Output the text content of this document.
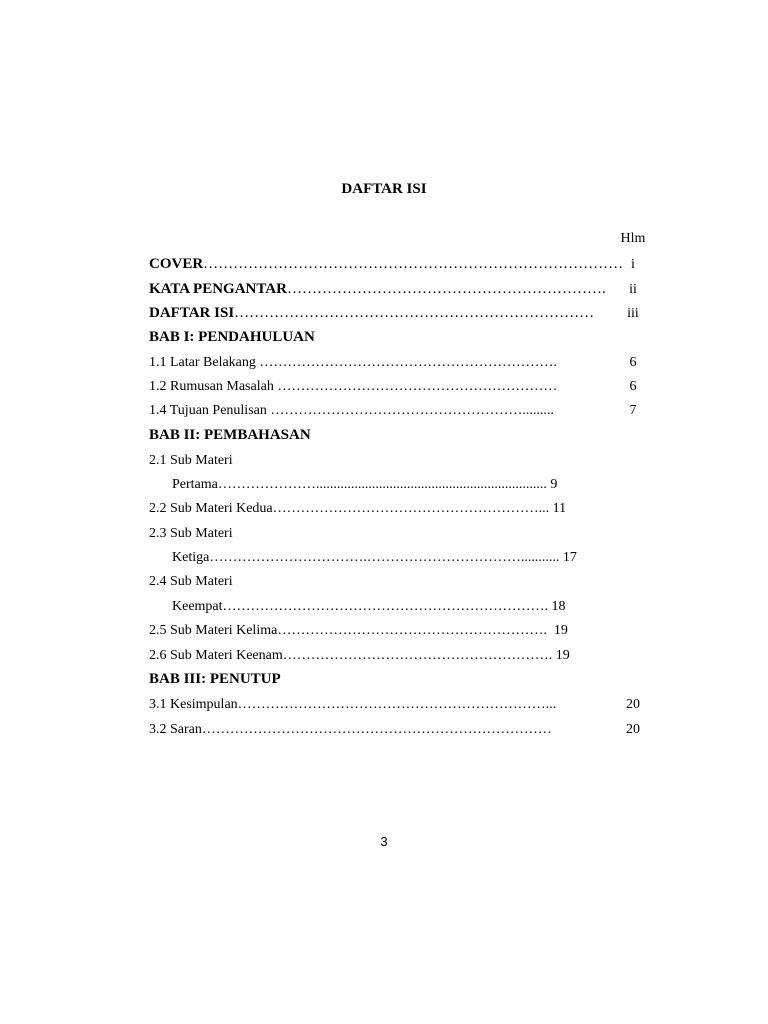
DAFTAR ISI
Hlm
COVER………………………………………………………………………… i
KATA PENGANTAR……………………………………………………….	ii
DAFTAR ISI………………………………………………………………	iii
BAB I: PENDAHULUAN
1.1 Latar Belakang ……………………………………………………….	6
1.2 Rumusan Masalah ……………………………………………………	6
1.4 Tujuan Penulisan ……………………………………………….........	7
BAB II: PEMBAHASAN
2.1 Sub Materi
Pertama………………….................................................................. 9
2.2 Sub Materi Kedua…………………………………………………... 11
2.3 Sub Materi
Ketiga…………………………….……………………………........... 17
2.4 Sub Materi
Keempat……………………………………………………………. 18
2.5 Sub Materi Kelima…………………………………………………. 19
2.6 Sub Materi Keenam…………………………………………………. 19
BAB III: PENUTUP
3.1 Kesimpulan…………………………………………………………...	20
3.2 Saran…………………………………………………………………	20
3
